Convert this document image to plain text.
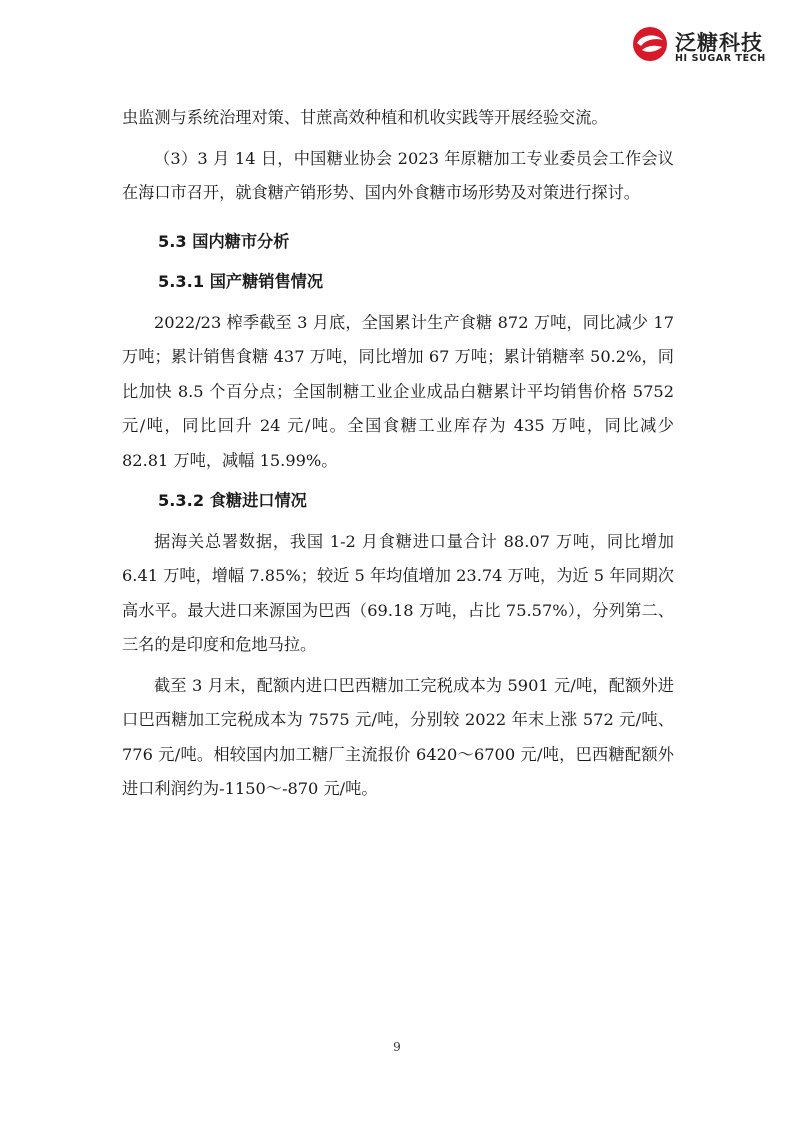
泛糖科技
HI SUGAR TECH

虫监测与系统治理对策、甘蔗高效种植和机收实践等开展经验交流。

（3）3 月 14 日，中国糖业协会 2023 年原糖加工专业委员会工作会议在海口市召开，就食糖产销形势、国内外食糖市场形势及对策进行探讨。

5.3 国内糖市分析
5.3.1 国产糖销售情况

2022/23 榨季截至 3 月底，全国累计生产食糖 872 万吨，同比减少 17 万吨；累计销售食糖 437 万吨，同比增加 67 万吨；累计销糖率 50.2%，同比加快 8.5 个百分点；全国制糖工业企业成品白糖累计平均销售价格 5752 元/吨，同比回升 24 元/吨。全国食糖工业库存为 435 万吨，同比减少 82.81 万吨，减幅 15.99%。

5.3.2 食糖进口情况

据海关总署数据，我国 1-2 月食糖进口量合计 88.07 万吨，同比增加 6.41 万吨，增幅 7.85%；较近 5 年均值增加 23.74 万吨，为近 5 年同期次高水平。最大进口来源国为巴西（69.18 万吨，占比 75.57%），分列第二、三名的是印度和危地马拉。

截至 3 月末，配额内进口巴西糖加工完税成本为 5901 元/吨，配额外进口巴西糖加工完税成本为 7575 元/吨，分别较 2022 年末上涨 572 元/吨、776 元/吨。相较国内加工糖厂主流报价 6420～6700 元/吨，巴西糖配额外进口利润约为-1150～-870 元/吨。

9
